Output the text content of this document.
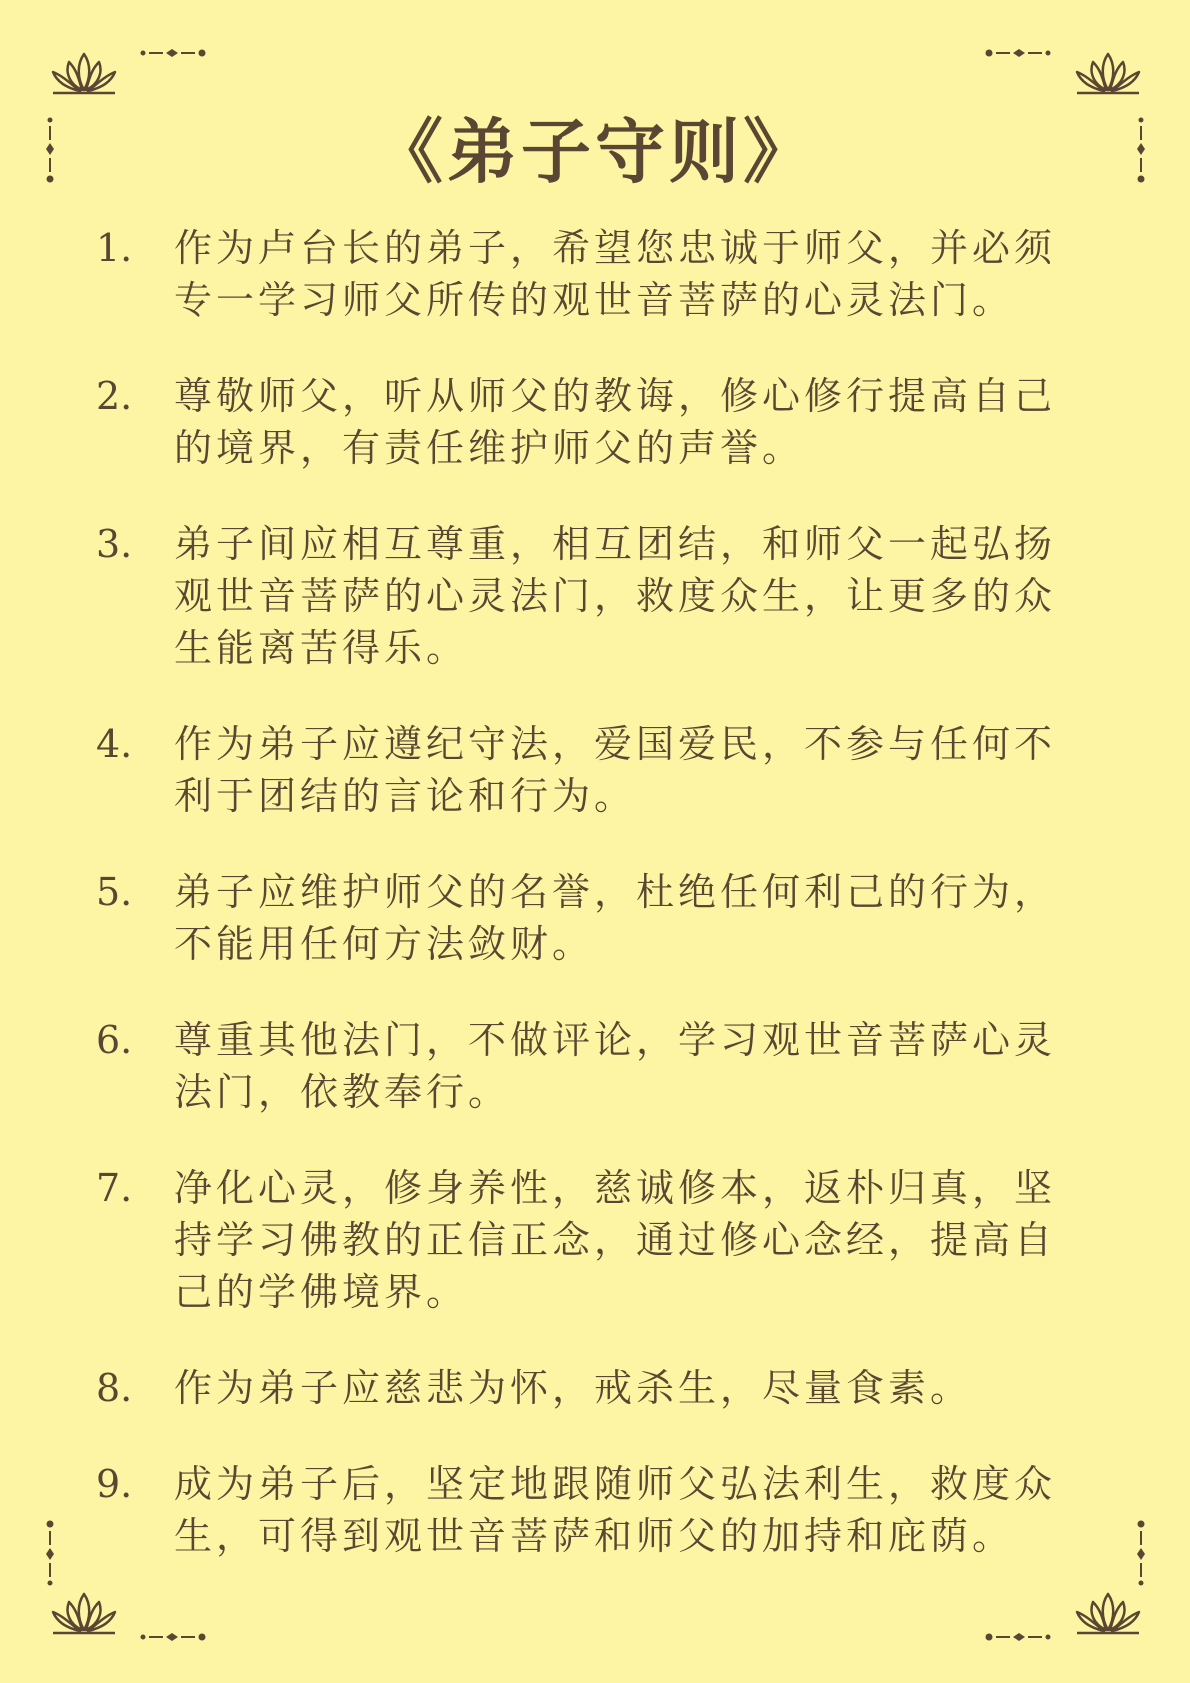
《弟子守则》
1.	作为卢台长的弟子，希望您忠诚于师父，并必须专一学习师父所传的观世音菩萨的心灵法门。
2.	尊敬师父，听从师父的教诲，修心修行提高自己的境界，有责任维护师父的声誉。
3.	弟子间应相互尊重，相互团结，和师父一起弘扬观世音菩萨的心灵法门，救度众生，让更多的众生能离苦得乐。
4.	作为弟子应遵纪守法，爱国爱民，不参与任何不利于团结的言论和行为。
5.	弟子应维护师父的名誉，杜绝任何利己的行为，不能用任何方法敛财。
6.	尊重其他法门，不做评论，学习观世音菩萨心灵法门，依教奉行。
7.	净化心灵，修身养性，慈诚修本，返朴归真，坚持学习佛教的正信正念，通过修心念经，提高自己的学佛境界。
8.	作为弟子应慈悲为怀，戒杀生，尽量食素。
9.	成为弟子后，坚定地跟随师父弘法利生，救度众生，可得到观世音菩萨和师父的加持和庇荫。
